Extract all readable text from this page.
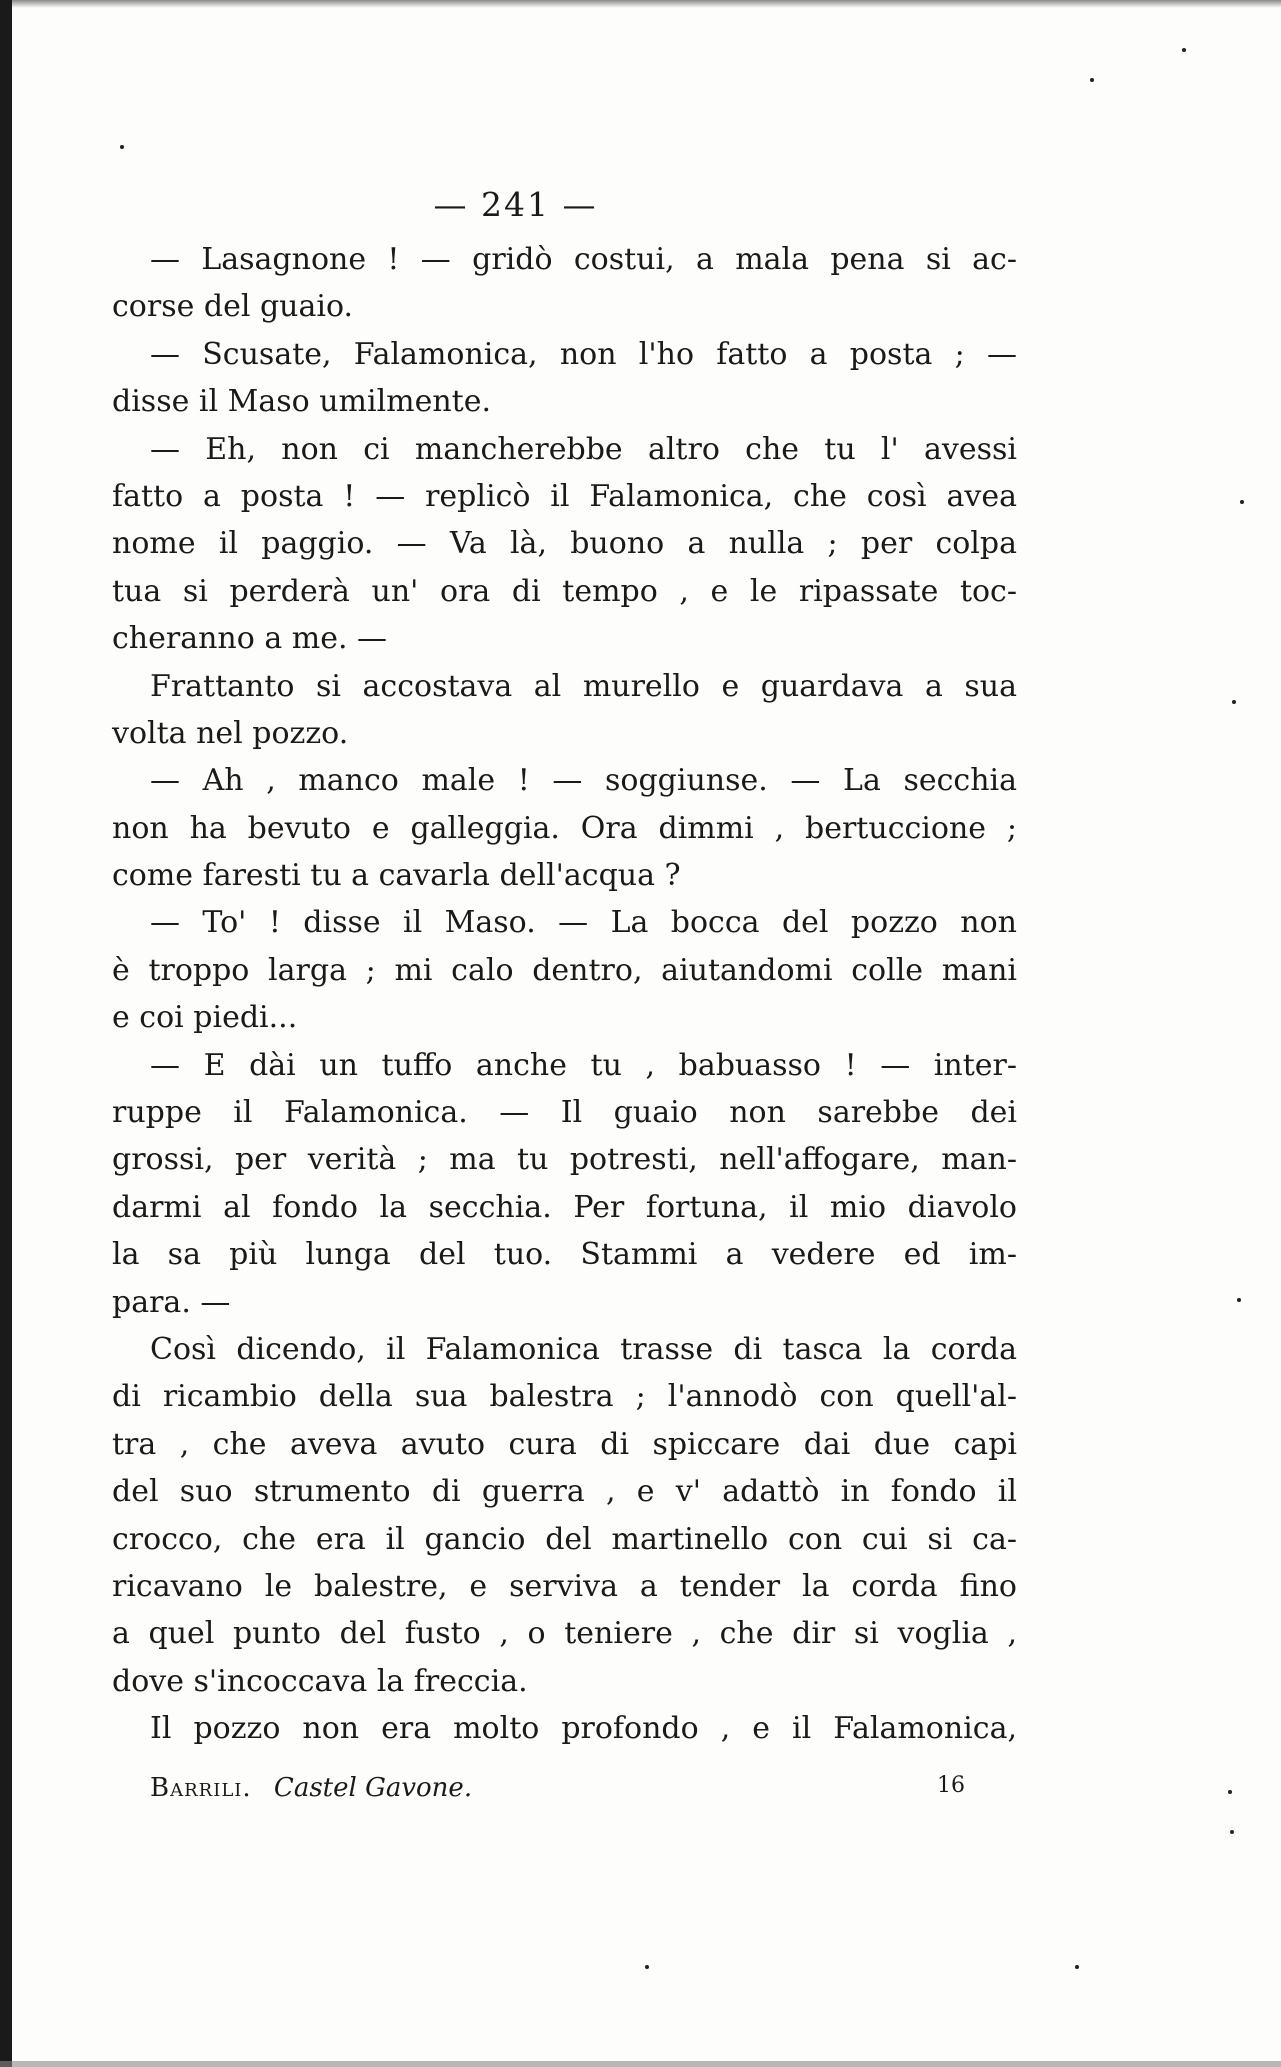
— 241 —
— Lasagnone ! — gridò costui, a mala pena si ac-
corse del guaio.
— Scusate, Falamonica, non l'ho fatto a posta ; —
disse il Maso umilmente.
— Eh, non ci mancherebbe altro che tu l' avessi
fatto a posta ! — replicò il Falamonica, che così avea
nome il paggio. — Va là, buono a nulla ; per colpa
tua si perderà un' ora di tempo , e le ripassate toc-
cheranno a me. —
Frattanto si accostava al murello e guardava a sua
volta nel pozzo.
— Ah , manco male ! — soggiunse. — La secchia
non ha bevuto e galleggia. Ora dimmi , bertuccione ;
come faresti tu a cavarla dell'acqua ?
— To' ! disse il Maso. — La bocca del pozzo non
è troppo larga ; mi calo dentro, aiutandomi colle mani
e coi piedi...
— E dài un tuffo anche tu , babuasso ! — inter-
ruppe il Falamonica. — Il guaio non sarebbe dei
grossi, per verità ; ma tu potresti, nell'affogare, man-
darmi al fondo la secchia. Per fortuna, il mio diavolo
la sa più lunga del tuo. Stammi a vedere ed im-
para. —
Così dicendo, il Falamonica trasse di tasca la corda
di ricambio della sua balestra ; l'annodò con quell'al-
tra , che aveva avuto cura di spiccare dai due capi
del suo strumento di guerra , e v' adattò in fondo il
crocco, che era il gancio del martinello con cui si ca-
ricavano le balestre, e serviva a tender la corda fino
a quel punto del fusto , o teniere , che dir si voglia ,
dove s'incoccava la freccia.
Il pozzo non era molto profondo , e il Falamonica,
Barrili. Castel Gavone.	16
